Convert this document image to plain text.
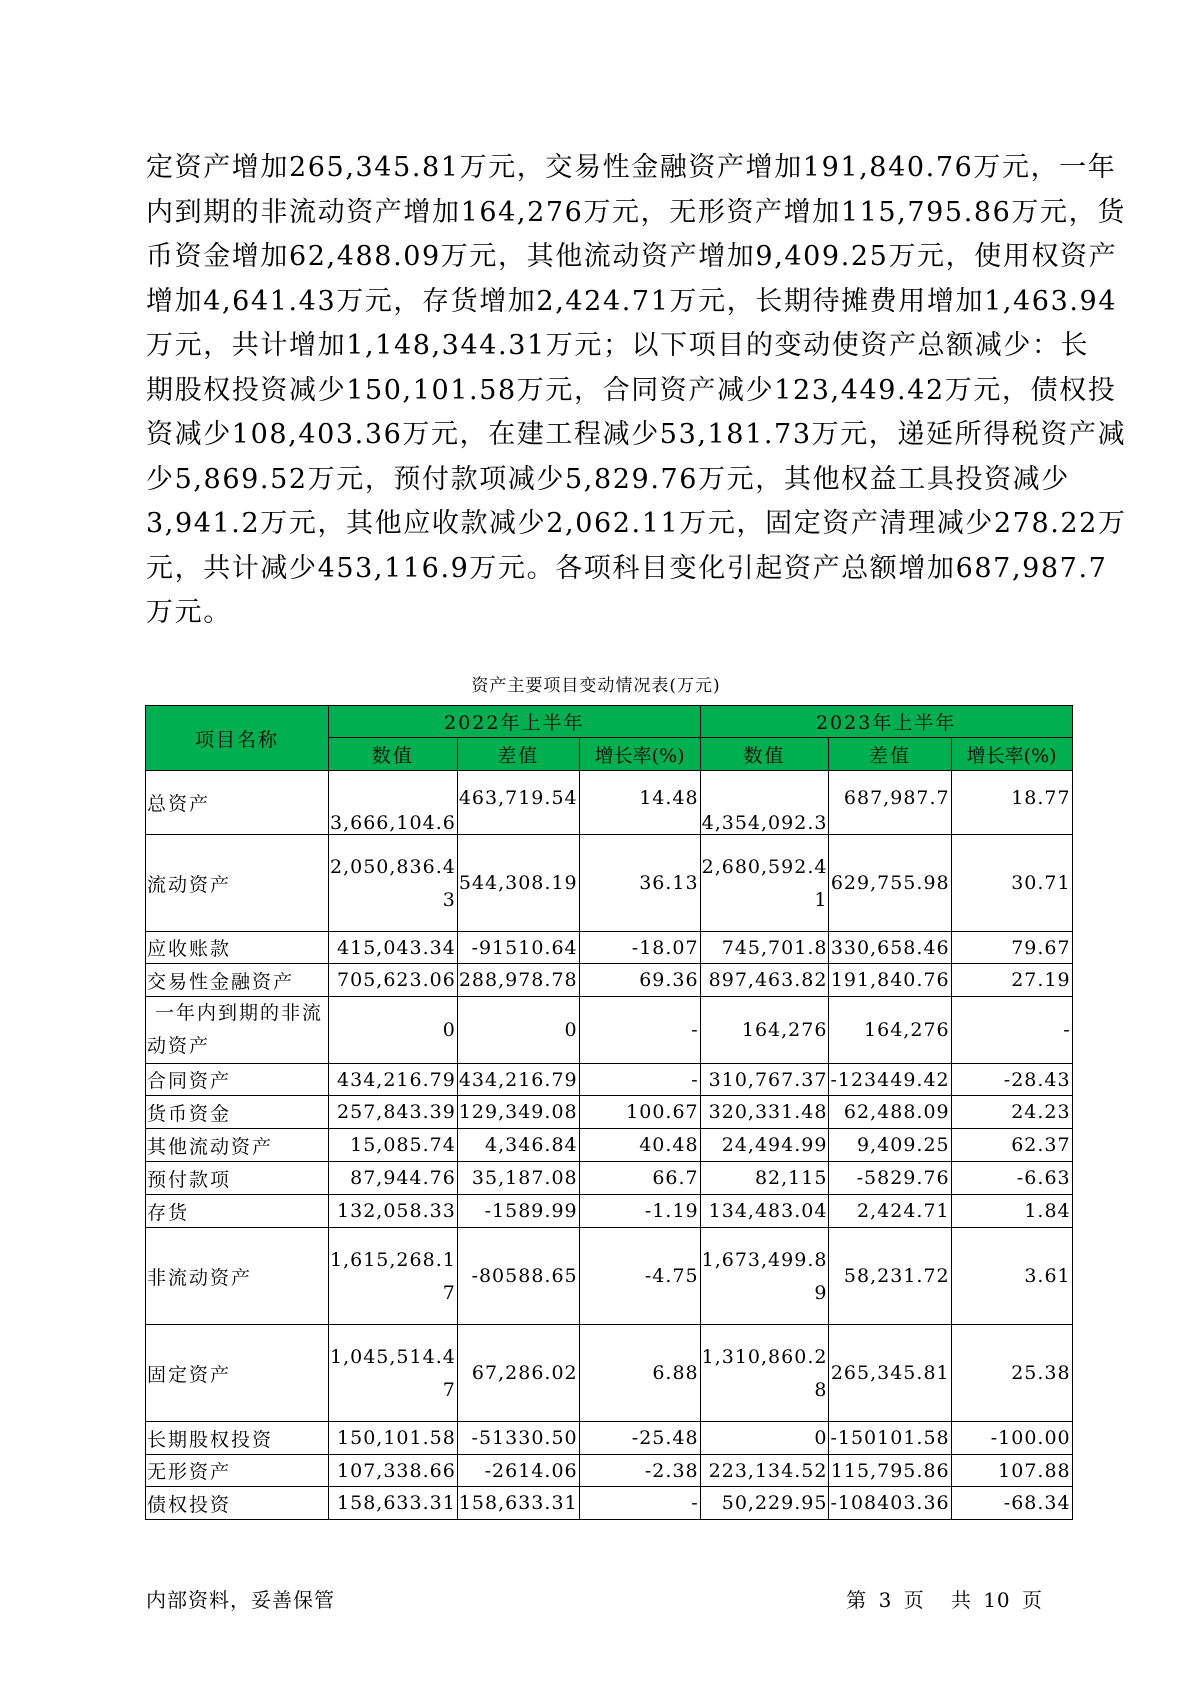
定资产增加265,345.81万元，交易性金融资产增加191,840.76万元，一年
内到期的非流动资产增加164,276万元，无形资产增加115,795.86万元，货
币资金增加62,488.09万元，其他流动资产增加9,409.25万元，使用权资产
增加4,641.43万元，存货增加2,424.71万元，长期待摊费用增加1,463.94
万元，共计增加1,148,344.31万元；以下项目的变动使资产总额减少：长
期股权投资减少150,101.58万元，合同资产减少123,449.42万元，债权投
资减少108,403.36万元，在建工程减少53,181.73万元，递延所得税资产减
少5,869.52万元，预付款项减少5,829.76万元，其他权益工具投资减少
3,941.2万元，其他应收款减少2,062.11万元，固定资产清理减少278.22万
元，共计减少453,116.9万元。各项科目变化引起资产总额增加687,987.7
万元。
资产主要项目变动情况表(万元)
项目名称	2022年上半年			2023年上半年		
	数值	差值	增长率(%)	数值	差值	增长率(%)
总资产	3,666,104.6	463,719.54	14.48	4,354,092.3	687,987.7	18.77
流动资产	2,050,836.43	544,308.19	36.13	2,680,592.41	629,755.98	30.71
应收账款	415,043.34	-91510.64	-18.07	745,701.8	330,658.46	79.67
交易性金融资产	705,623.06	288,978.78	69.36	897,463.82	191,840.76	27.19
一年内到期的非流
动资产	0	0	-	164,276	164,276	-
合同资产	434,216.79	434,216.79	-	310,767.37	-123449.42	-28.43
货币资金	257,843.39	129,349.08	100.67	320,331.48	62,488.09	24.23
其他流动资产	15,085.74	4,346.84	40.48	24,494.99	9,409.25	62.37
预付款项	87,944.76	35,187.08	66.7	82,115	-5829.76	-6.63
存货	132,058.33	-1589.99	-1.19	134,483.04	2,424.71	1.84
非流动资产	1,615,268.17	-80588.65	-4.75	1,673,499.89	58,231.72	3.61
固定资产	1,045,514.47	67,286.02	6.88	1,310,860.28	265,345.81	25.38
长期股权投资	150,101.58	-51330.50	-25.48	0	-150101.58	-100.00
无形资产	107,338.66	-2614.06	-2.38	223,134.52	115,795.86	107.88
债权投资	158,633.31	158,633.31	-	50,229.95	-108403.36	-68.34
内部资料，妥善保管	第 3 页 共 10 页
